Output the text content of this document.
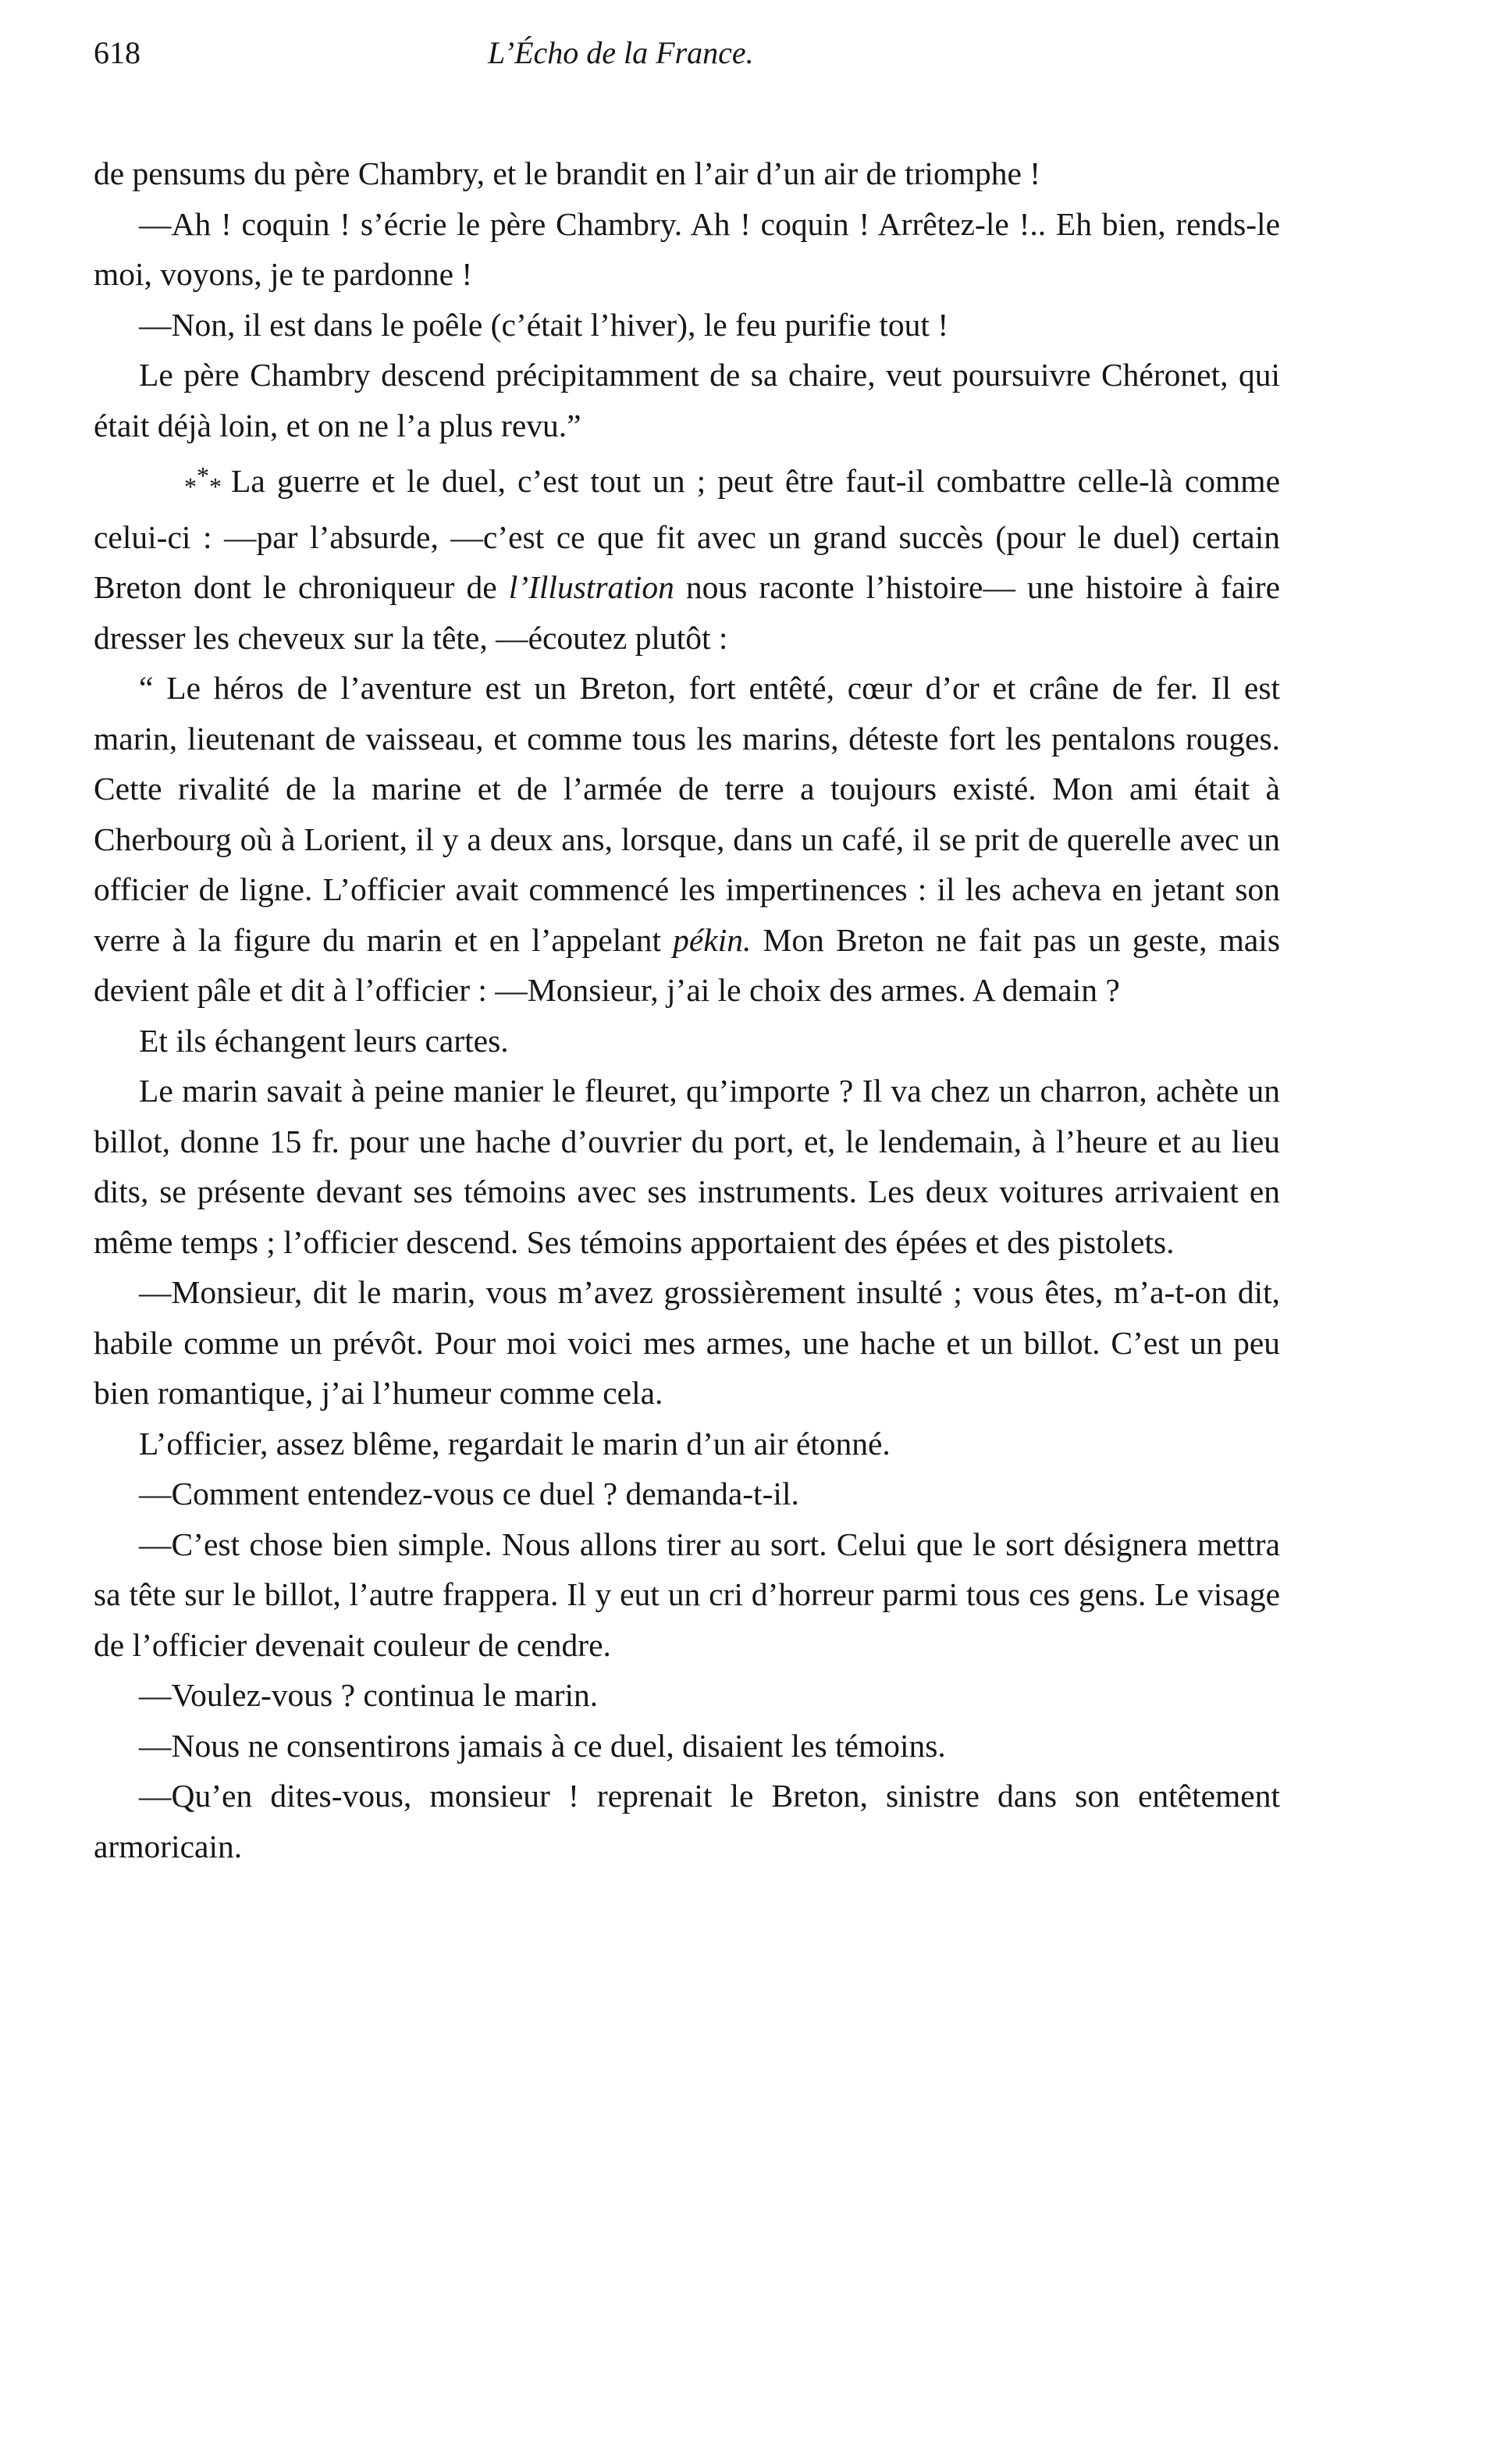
618	L’Écho de la France.

de pensums du père Chambry, et le brandit en l’air d’un air de triomphe !

—Ah ! coquin ! s’écrie le père Chambry. Ah ! coquin ! Arrêtez-le !.. Eh bien, rends-le moi, voyons, je te pardonne !

—Non, il est dans le poêle (c’était l’hiver), le feu purifie tout !

Le père Chambry descend précipitamment de sa chaire, veut poursuivre Chéronet, qui était déjà loin, et on ne l’a plus revu.”

*** La guerre et le duel, c’est tout un ; peut être faut-il combattre celle-là comme celui-ci : —par l’absurde, —c’est ce que fit avec un grand succès (pour le duel) certain Breton dont le chroniqueur de l’Illustration nous raconte l’histoire— une histoire à faire dresser les cheveux sur la tête, —écoutez plutôt :

“ Le héros de l’aventure est un Breton, fort entêté, cœur d’or et crâne de fer. Il est marin, lieutenant de vaisseau, et comme tous les marins, déteste fort les pentalons rouges. Cette rivalité de la marine et de l’armée de terre a toujours existé. Mon ami était à Cherbourg où à Lorient, il y a deux ans, lorsque, dans un café, il se prit de querelle avec un officier de ligne. L’officier avait commencé les impertinences : il les acheva en jetant son verre à la figure du marin et en l’appelant pékin. Mon Breton ne fait pas un geste, mais devient pâle et dit à l’officier : —Monsieur, j’ai le choix des armes. A demain ?

Et ils échangent leurs cartes.

Le marin savait à peine manier le fleuret, qu’importe ? Il va chez un charron, achète un billot, donne 15 fr. pour une hache d’ouvrier du port, et, le lendemain, à l’heure et au lieu dits, se présente devant ses témoins avec ses instruments. Les deux voitures arrivaient en même temps ; l’officier descend. Ses témoins apportaient des épées et des pistolets.

—Monsieur, dit le marin, vous m’avez grossièrement insulté ; vous êtes, m’a-t-on dit, habile comme un prévôt. Pour moi voici mes armes, une hache et un billot. C’est un peu bien romantique, j’ai l’humeur comme cela.

L’officier, assez blême, regardait le marin d’un air étonné.

—Comment entendez-vous ce duel ? demanda-t-il.

—C’est chose bien simple. Nous allons tirer au sort. Celui que le sort désignera mettra sa tête sur le billot, l’autre frappera. Il y eut un cri d’horreur parmi tous ces gens. Le visage de l’officier devenait couleur de cendre.

—Voulez-vous ? continua le marin.

—Nous ne consentirons jamais à ce duel, disaient les témoins.

—Qu’en dites-vous, monsieur ! reprenait le Breton, sinistre dans son entêtement armoricain.
